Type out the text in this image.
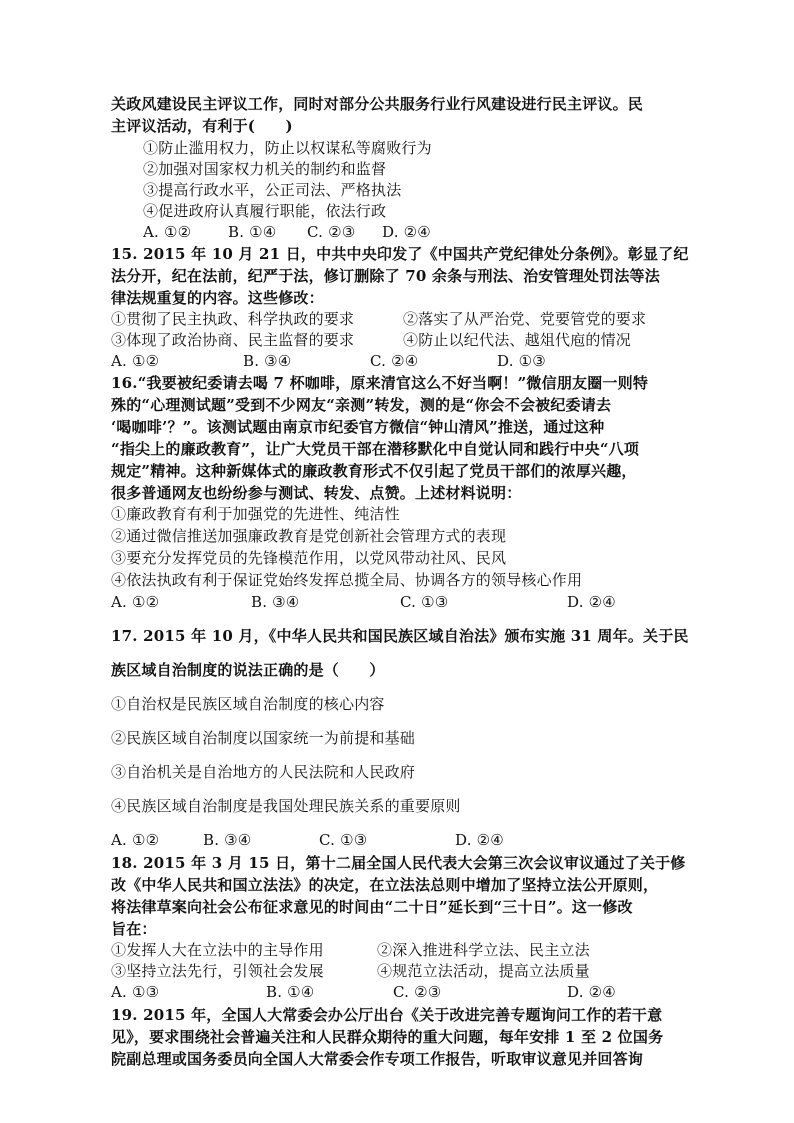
关政风建设民主评议工作，同时对部分公共服务行业行风建设进行民主评议。民
主评议活动，有利于(　　)
①防止滥用权力，防止以权谋私等腐败行为
②加强对国家权力机关的制约和监督
③提高行政水平，公正司法、严格执法
④促进政府认真履行职能，依法行政
A. ①② B. ①④ C. ②③ D. ②④
15. 2015 年 10 月 21 日，中共中央印发了《中国共产党纪律处分条例》。彰显了纪
法分开，纪在法前，纪严于法，修订删除了 70 余条与刑法、治安管理处罚法等法
律法规重复的内容。这些修改：
①贯彻了民主执政、科学执政的要求	②落实了从严治党、党要管党的要求
③体现了政治协商、民主监督的要求	④防止以纪代法、越俎代庖的情况
A. ①②	B. ③④	C. ②④	D. ①③
16.“我要被纪委请去喝 7 杯咖啡，原来清官这么不好当啊！”微信朋友圈一则特
殊的“心理测试题”受到不少网友“亲测”转发，测的是“你会不会被纪委请去
‘喝咖啡’？”。该测试题由南京市纪委官方微信“钟山清风”推送，通过这种
“指尖上的廉政教育”，让广大党员干部在潜移默化中自觉认同和践行中央“八项
规定”精神。这种新媒体式的廉政教育形式不仅引起了党员干部们的浓厚兴趣，
很多普通网友也纷纷参与测试、转发、点赞。上述材料说明：
①廉政教育有利于加强党的先进性、纯洁性
②通过微信推送加强廉政教育是党创新社会管理方式的表现
③要充分发挥党员的先锋模范作用，以党风带动社风、民风
④依法执政有利于保证党始终发挥总揽全局、协调各方的领导核心作用
A. ①②	B. ③④	C. ①③	D. ②④
17. 2015 年 10 月，《中华人民共和国民族区域自治法》颁布实施 31 周年。关于民
族区域自治制度的说法正确的是（　　）
①自治权是民族区域自治制度的核心内容
②民族区域自治制度以国家统一为前提和基础
③自治机关是自治地方的人民法院和人民政府
④民族区域自治制度是我国处理民族关系的重要原则
A. ①②	B. ③④	C. ①③	D. ②④
18. 2015 年 3 月 15 日，第十二届全国人民代表大会第三次会议审议通过了关于修
改《中华人民共和国立法法》的决定，在立法法总则中增加了坚持立法公开原则，
将法律草案向社会公布征求意见的时间由“二十日”延长到“三十日”。这一修改
旨在：
①发挥人大在立法中的主导作用	②深入推进科学立法、民主立法
③坚持立法先行，引领社会发展	④规范立法活动，提高立法质量
A. ①③	B. ①④	C. ②③	D. ②④
19. 2015 年，全国人大常委会办公厅出台《关于改进完善专题询问工作的若干意
见》，要求围绕社会普遍关注和人民群众期待的重大问题，每年安排 1 至 2 位国务
院副总理或国务委员向全国人大常委会作专项工作报告，听取审议意见并回答询
